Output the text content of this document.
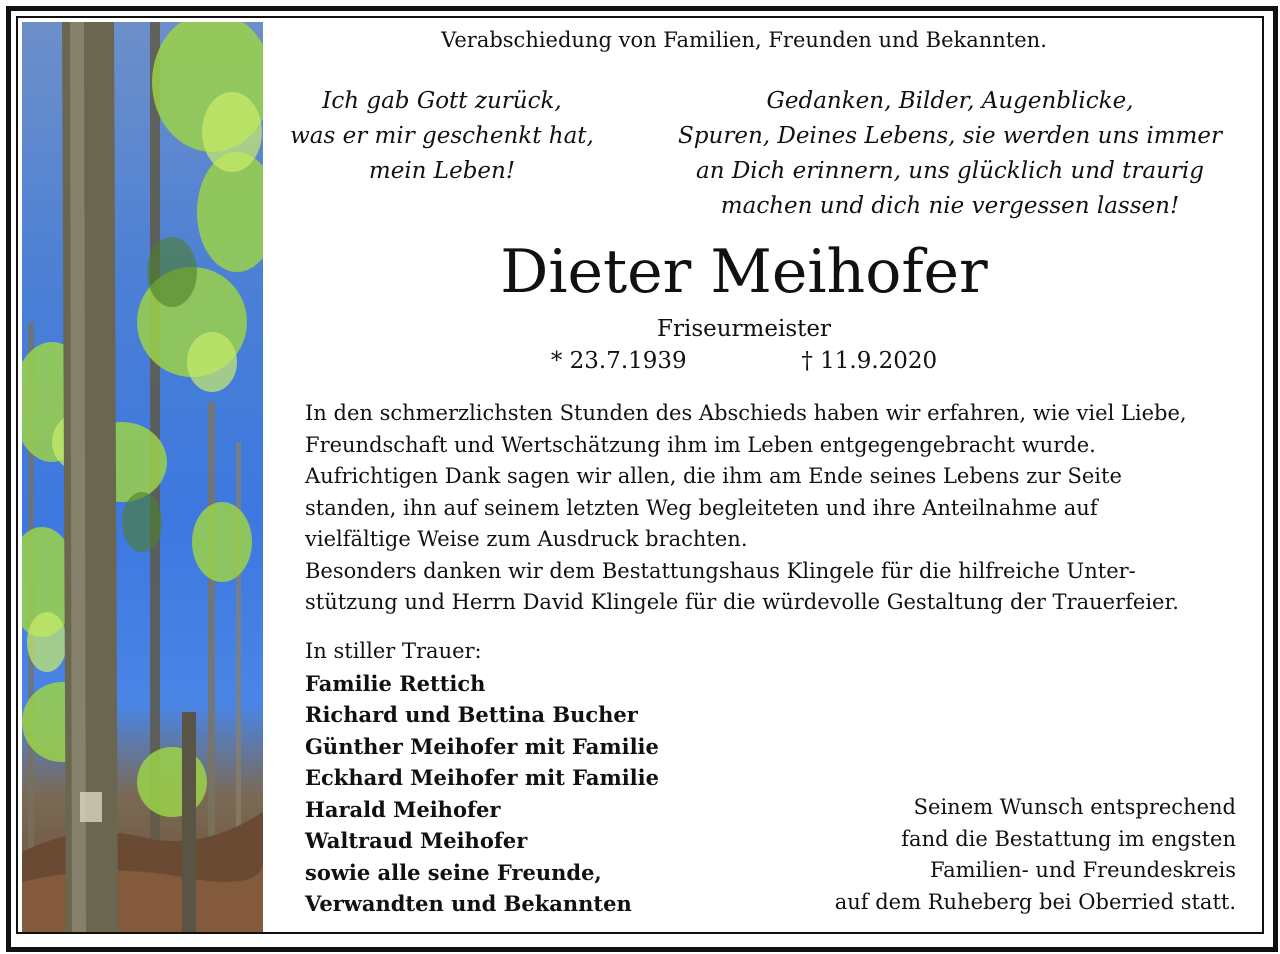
Verabschiedung von Familien, Freunden und Bekannten.
Ich gab Gott zurück,
was er mir geschenkt hat,
mein Leben!
Gedanken, Bilder, Augenblicke,
Spuren, Deines Lebens, sie werden uns immer
an Dich erinnern, uns glücklich und traurig
machen und dich nie vergessen lassen!
Dieter Meihofer
Friseurmeister
* 23.7.1939	† 11.9.2020

In den schmerzlichsten Stunden des Abschieds haben wir erfahren, wie viel Liebe,

Freundschaft und Wertschätzung ihm im Leben entgegengebracht wurde.

Aufrichtigen Dank sagen wir allen, die ihm am Ende seines Lebens zur Seite

standen, ihn auf seinem letzten Weg begleiteten und ihre Anteilnahme auf

vielfältige Weise zum Ausdruck brachten.

Besonders danken wir dem Bestattungshaus Klingele für die hilfreiche Unter-

stützung und Herrn David Klingele für die würdevolle Gestaltung der Trauerfeier.

In stiller Trauer:
Familie Rettich
Richard und Bettina Bucher
Günther Meihofer mit Familie
Eckhard Meihofer mit Familie
Harald Meihofer
Waltraud Meihofer
sowie alle seine Freunde,
Verwandten und Bekannten
Seinem Wunsch entsprechend
fand die Bestattung im engsten
Familien- und Freundeskreis
auf dem Ruheberg bei Oberried statt.
